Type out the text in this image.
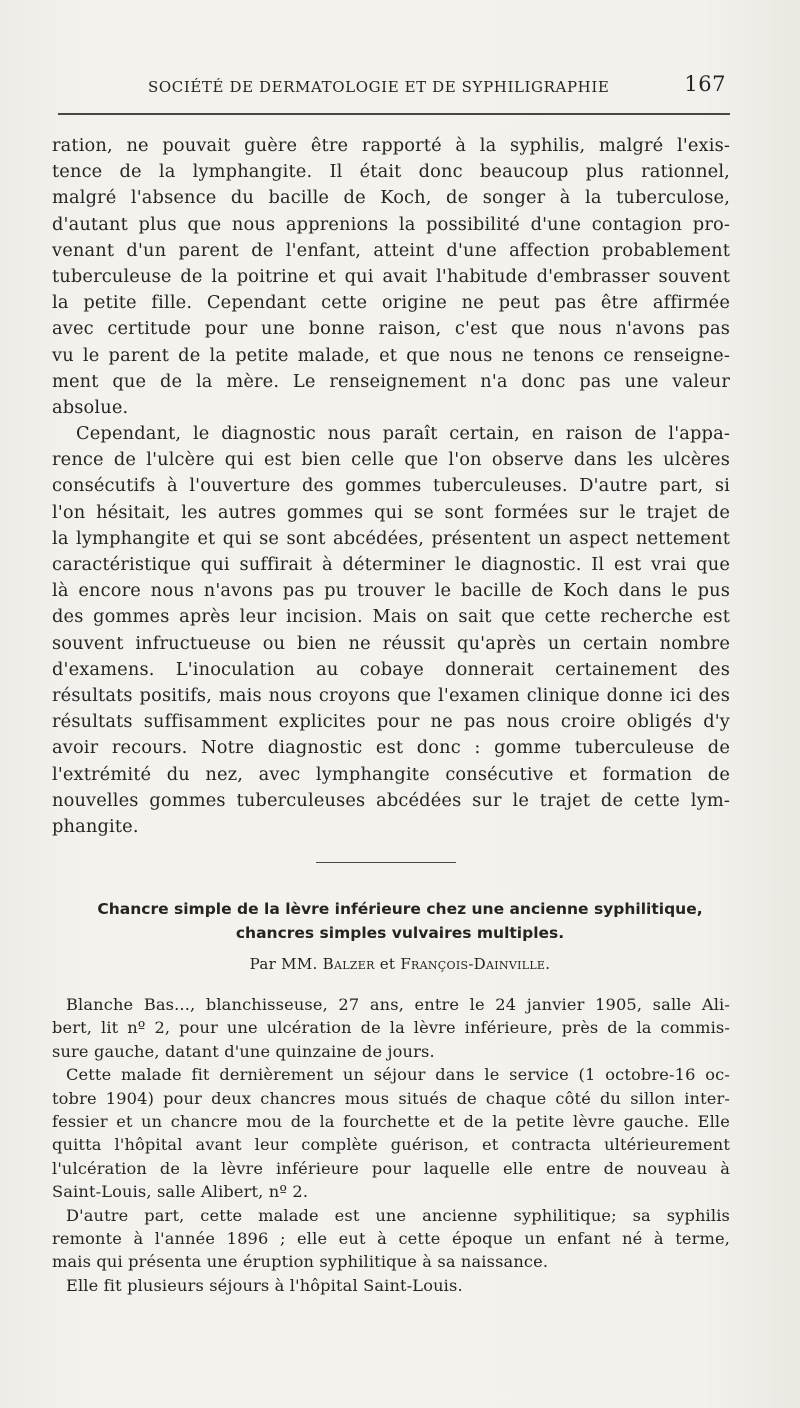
SOCIÉTÉ DE DERMATOLOGIE ET DE SYPHILIGRAPHIE	167
ration, ne pouvait guère être rapporté à la syphilis, malgré l'exis-
tence de la lymphangite. Il était donc beaucoup plus rationnel,
malgré l'absence du bacille de Koch, de songer à la tuberculose,
d'autant plus que nous apprenions la possibilité d'une contagion pro-
venant d'un parent de l'enfant, atteint d'une affection probablement
tuberculeuse de la poitrine et qui avait l'habitude d'embrasser souvent
la petite fille. Cependant cette origine ne peut pas être affirmée
avec certitude pour une bonne raison, c'est que nous n'avons pas
vu le parent de la petite malade, et que nous ne tenons ce renseigne-
ment que de la mère. Le renseignement n'a donc pas une valeur
absolue.
Cependant, le diagnostic nous paraît certain, en raison de l'appa-
rence de l'ulcère qui est bien celle que l'on observe dans les ulcères
consécutifs à l'ouverture des gommes tuberculeuses. D'autre part, si
l'on hésitait, les autres gommes qui se sont formées sur le trajet de
la lymphangite et qui se sont abcédées, présentent un aspect nettement
caractéristique qui suffirait à déterminer le diagnostic. Il est vrai que
là encore nous n'avons pas pu trouver le bacille de Koch dans le pus
des gommes après leur incision. Mais on sait que cette recherche est
souvent infructueuse ou bien ne réussit qu'après un certain nombre
d'examens. L'inoculation au cobaye donnerait certainement des
résultats positifs, mais nous croyons que l'examen clinique donne ici des
résultats suffisamment explicites pour ne pas nous croire obligés d'y
avoir recours. Notre diagnostic est donc : gomme tuberculeuse de
l'extrémité du nez, avec lymphangite consécutive et formation de
nouvelles gommes tuberculeuses abcédées sur le trajet de cette lym-
phangite.
Chancre simple de la lèvre inférieure chez une ancienne syphilitique,
chancres simples vulvaires multiples.
Par MM. Balzer et François-Dainville.
Blanche Bas..., blanchisseuse, 27 ans, entre le 24 janvier 1905, salle Ali-
bert, lit nº 2, pour une ulcération de la lèvre inférieure, près de la commis-
sure gauche, datant d'une quinzaine de jours.
Cette malade fit dernièrement un séjour dans le service (1 octobre-16 oc-
tobre 1904) pour deux chancres mous situés de chaque côté du sillon inter-
fessier et un chancre mou de la fourchette et de la petite lèvre gauche. Elle
quitta l'hôpital avant leur complète guérison, et contracta ultérieurement
l'ulcération de la lèvre inférieure pour laquelle elle entre de nouveau à
Saint-Louis, salle Alibert, nº 2.
D'autre part, cette malade est une ancienne syphilitique; sa syphilis
remonte à l'année 1896 ; elle eut à cette époque un enfant né à terme,
mais qui présenta une éruption syphilitique à sa naissance.
Elle fit plusieurs séjours à l'hôpital Saint-Louis.
